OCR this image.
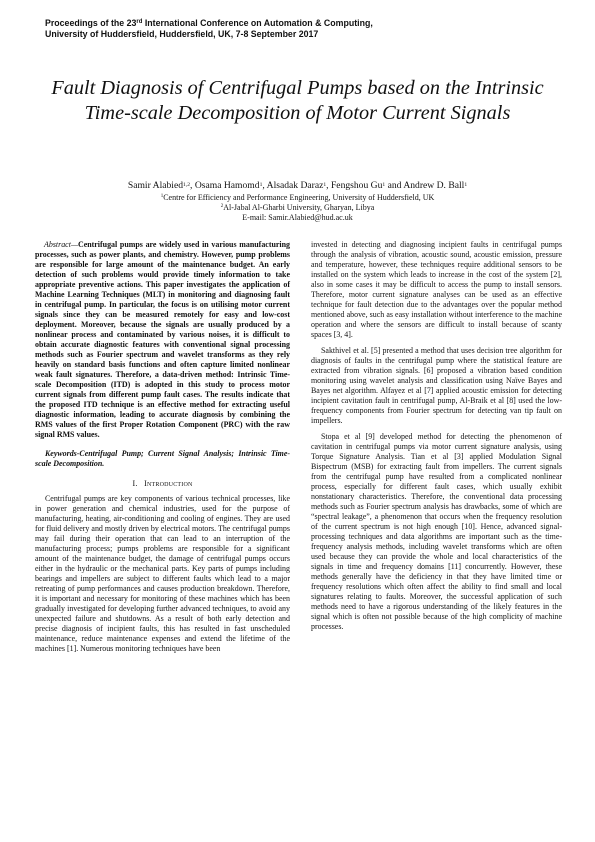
Proceedings of the 23rd International Conference on Automation & Computing, University of Huddersfield, Huddersfield, UK, 7-8 September 2017

Fault Diagnosis of Centrifugal Pumps based on the Intrinsic Time-scale Decomposition of Motor Current Signals

Samir Alabied$^{1,2}$, Osama Hamomd$^1$, Alsadak Daraz$^1$, Fengshou Gu$^1$ and Andrew D. Ball$^1$

$^1$Centre for Efficiency and Performance Engineering, University of Huddersfield, UK

$^2$Al-Jabal Al-Gharbi University, Gharyan, Libya

E-mail: Samir.Alabied@hud.ac.uk

Abstract—Centrifugal pumps are widely used in various manufacturing processes, such as power plants, and chemistry. However, pump problems are responsible for large amount of the maintenance budget. An early detection of such problems would provide timely information to take appropriate preventive actions. This paper investigates the application of Machine Learning Techniques (MLT) in monitoring and diagnosing fault in centrifugal pump. In particular, the focus is on utilising motor current signals since they can be measured remotely for easy and low-cost deployment. Moreover, because the signals are usually produced by a nonlinear process and contaminated by various noises, it is difficult to obtain accurate diagnostic features with conventional signal processing methods such as Fourier spectrum and wavelet transforms as they rely heavily on standard basis functions and often capture limited nonlinear weak fault signatures. Therefore, a data-driven method: Intrinsic Time-scale Decomposition (ITD) is adopted in this study to process motor current signals from different pump fault cases. The results indicate that the proposed ITD technique is an effective method for extracting useful diagnostic information, leading to accurate diagnosis by combining the RMS values of the first Proper Rotation Component (PRC) with the raw signal RMS values.

Keywords-Centrifugal Pump; Current Signal Analysis; Intrinsic Time-scale Decomposition.

I. Introduction

Centrifugal pumps are key components of various technical processes, like in power generation and chemical industries, used for the purpose of manufacturing, heating, air-conditioning and cooling of engines. They are used for fluid delivery and mostly driven by electrical motors. The centrifugal pumps may fail during their operation that can lead to an interruption of the manufacturing process; pumps problems are responsible for a significant amount of the maintenance budget, the damage of centrifugal pumps occurs either in the hydraulic or the mechanical parts. Key parts of pumps including bearings and impellers are subject to different faults which lead to a major retreating of pump performances and causes production breakdown. Therefore, it is important and necessary for monitoring of these machines which has been gradually investigated for developing further advanced techniques, to avoid any unexpected failure and shutdowns. As a result of both early detection and precise diagnosis of incipient faults, this has resulted in fast unscheduled maintenance, reduce maintenance expenses and extend the lifetime of the machines [1]. Numerous monitoring techniques have been

invested in detecting and diagnosing incipient faults in centrifugal pumps through the analysis of vibration, acoustic sound, acoustic emission, pressure and temperature, however, these techniques require additional sensors to be installed on the system which leads to increase in the cost of the system [2], also in some cases it may be difficult to access the pump to install sensors. Therefore, motor current signature analyses can be used as an effective technique for fault detection due to the advantages over the popular method mentioned above, such as easy installation without interference to the machine operation and where the sensors are difficult to install because of scanty spaces [3, 4].

Sakthivel et al. [5] presented a method that uses decision tree algorithm for diagnosis of faults in the centrifugal pump where the statistical feature are extracted from vibration signals. [6] proposed a vibration based condition monitoring using wavelet analysis and classification using Naïve Bayes and Bayes net algorithm. Alfayez et al [7] applied acoustic emission for detecting incipient cavitation fault in centrifugal pump, Al-Braik et al [8] used the low-frequency components from Fourier spectrum for detecting van tip fault on impellers.

Stopa et al [9] developed method for detecting the phenomenon of cavitation in centrifugal pumps via motor current signature analysis, using Torque Signature Analysis. Tian et al [3] applied Modulation Signal Bispectrum (MSB) for extracting fault from impellers. The current signals from the centrifugal pump have resulted from a complicated nonlinear process, especially for different fault cases, which usually exhibit nonstationary characteristics. Therefore, the conventional data processing methods such as Fourier spectrum analysis has drawbacks, some of which are “spectral leakage”, a phenomenon that occurs when the frequency resolution of the current spectrum is not high enough [10]. Hence, advanced signal-processing techniques and data algorithms are important such as the time-frequency analysis methods, including wavelet transforms which are often used because they can provide the whole and local characteristics of the signals in time and frequency domains [11] concurrently. However, these methods generally have the deficiency in that they have limited time or frequency resolutions which often affect the ability to find small and local signatures relating to faults. Moreover, the successful application of such methods need to have a rigorous understanding of the likely features in the signal which is often not possible because of the high complicity of machine processes.
